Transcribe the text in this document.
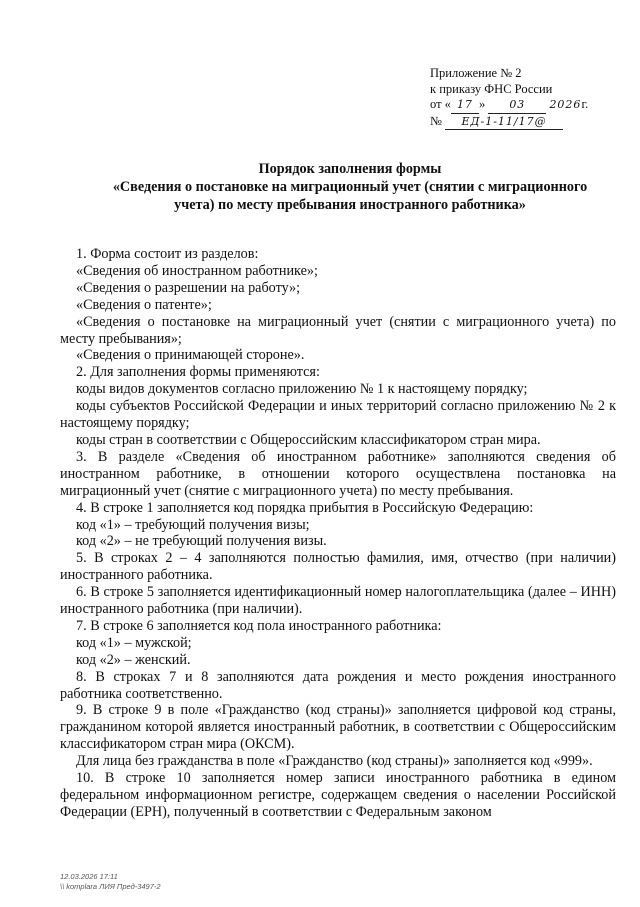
Приложение № 2
к приказу ФНС России
от « 17 » 03 2026г.
№ ЕД-1-11/17@
Порядок заполнения формы
«Сведения о постановке на миграционный учет (снятии с миграционного
учета) по месту пребывания иностранного работника»

1. Форма состоит из разделов:

«Сведения об иностранном работнике»;

«Сведения о разрешении на работу»;

«Сведения о патенте»;

«Сведения о постановке на миграционный учет (снятии с миграционного учета) по месту пребывания»;

«Сведения о принимающей стороне».

2. Для заполнения формы применяются:

коды видов документов согласно приложению № 1 к настоящему порядку;

коды субъектов Российской Федерации и иных территорий согласно приложению № 2 к настоящему порядку;

коды стран в соответствии с Общероссийским классификатором стран мира.

3. В разделе «Сведения об иностранном работнике» заполняются сведения об иностранном работнике, в отношении которого осуществлена постановка на миграционный учет (снятие с миграционного учета) по месту пребывания.

4. В строке 1 заполняется код порядка прибытия в Российскую Федерацию:

код «1» – требующий получения визы;

код «2» – не требующий получения визы.

5. В строках 2 – 4 заполняются полностью фамилия, имя, отчество (при наличии) иностранного работника.

6. В строке 5 заполняется идентификационный номер налогоплательщика (далее – ИНН) иностранного работника (при наличии).

7. В строке 6 заполняется код пола иностранного работника:

код «1» – мужской;

код «2» – женский.

8. В строках 7 и 8 заполняются дата рождения и место рождения иностранного работника соответственно.

9. В строке 9 в поле «Гражданство (код страны)» заполняется цифровой код страны, гражданином которой является иностранный работник, в соответствии с Общероссийским классификатором стран мира (ОКСМ).

Для лица без гражданства в поле «Гражданство (код страны)» заполняется код «999».

10. В строке 10 заполняется номер записи иностранного работника в едином федеральном информационном регистре, содержащем сведения о населении Российской Федерации (ЕРН), полученный в соответствии с Федеральным законом

12.03.2026 17:11
\\ komplara ЛИЯ Пред-3497-2
